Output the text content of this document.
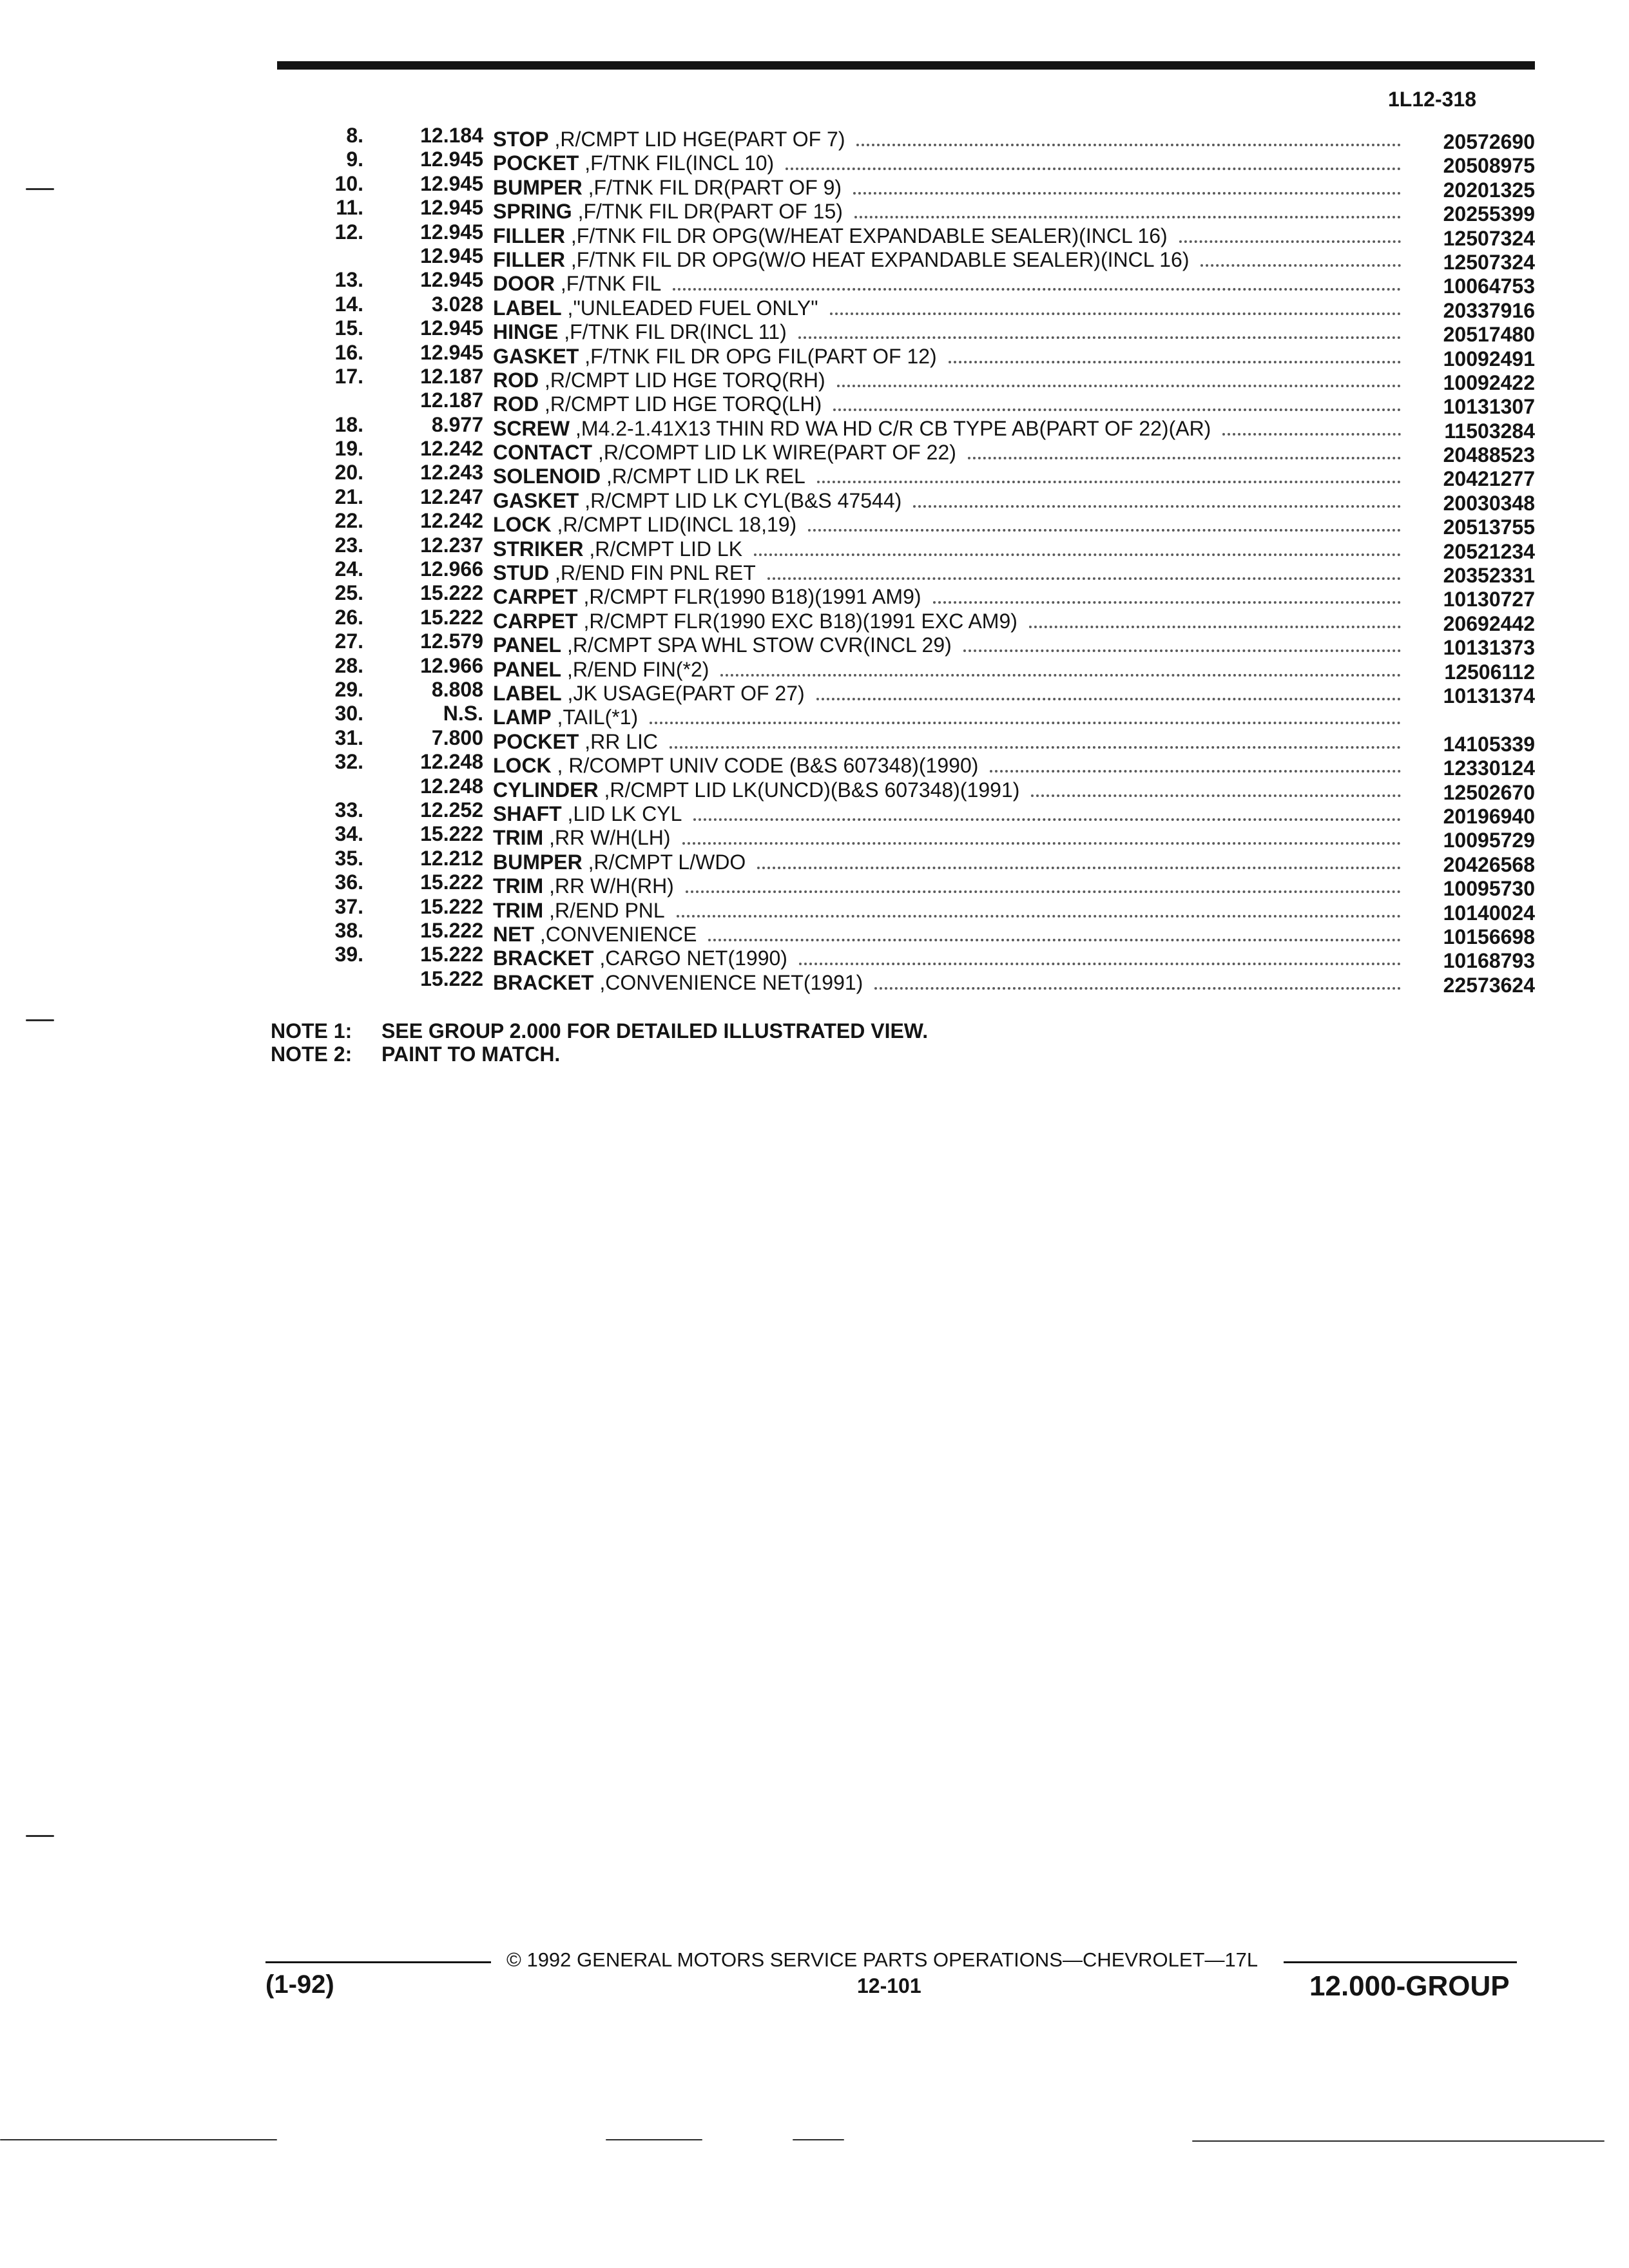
1L12-318
8.	12.184 STOP ,R/CMPT LID HGE(PART OF 7)	20572690
9.	12.945 POCKET ,F/TNK FIL(INCL 10)	20508975
10.	12.945 BUMPER ,F/TNK FIL DR(PART OF 9)	20201325
11.	12.945 SPRING ,F/TNK FIL DR(PART OF 15)	20255399
12.	12.945 FILLER ,F/TNK FIL DR OPG(W/HEAT EXPANDABLE SEALER)(INCL 16)	12507324
12.945 FILLER ,F/TNK FIL DR OPG(W/O HEAT EXPANDABLE SEALER)(INCL 16)	12507324
13.	12.945 DOOR ,F/TNK FIL	10064753
14.	3.028 LABEL ,"UNLEADED FUEL ONLY"	20337916
15.	12.945 HINGE ,F/TNK FIL DR(INCL 11)	20517480
16.	12.945 GASKET ,F/TNK FIL DR OPG FIL(PART OF 12)	10092491
17.	12.187 ROD ,R/CMPT LID HGE TORQ(RH)	10092422
12.187 ROD ,R/CMPT LID HGE TORQ(LH)	10131307
18.	8.977 SCREW ,M4.2-1.41X13 THIN RD WA HD C/R CB TYPE AB(PART OF 22)(AR)	11503284
19.	12.242 CONTACT ,R/COMPT LID LK WIRE(PART OF 22)	20488523
20.	12.243 SOLENOID ,R/CMPT LID LK REL	20421277
21.	12.247 GASKET ,R/CMPT LID LK CYL(B&S 47544)	20030348
22.	12.242 LOCK ,R/CMPT LID(INCL 18,19)	20513755
23.	12.237 STRIKER ,R/CMPT LID LK	20521234
24.	12.966 STUD ,R/END FIN PNL RET	20352331
25.	15.222 CARPET ,R/CMPT FLR(1990 B18)(1991 AM9)	10130727
26.	15.222 CARPET ,R/CMPT FLR(1990 EXC B18)(1991 EXC AM9)	20692442
27.	12.579 PANEL ,R/CMPT SPA WHL STOW CVR(INCL 29)	10131373
28.	12.966 PANEL ,R/END FIN(*2)	12506112
29.	8.808 LABEL ,JK USAGE(PART OF 27)	10131374
30.	N.S. LAMP ,TAIL(*1)
31.	7.800 POCKET ,RR LIC	14105339
32.	12.248 LOCK , R/COMPT UNIV CODE (B&S 607348)(1990)	12330124
12.248 CYLINDER ,R/CMPT LID LK(UNCD)(B&S 607348)(1991)	12502670
33.	12.252 SHAFT ,LID LK CYL	20196940
34.	15.222 TRIM ,RR W/H(LH)	10095729
35.	12.212 BUMPER ,R/CMPT L/WDO	20426568
36.	15.222 TRIM ,RR W/H(RH)	10095730
37.	15.222 TRIM ,R/END PNL	10140024
38.	15.222 NET ,CONVENIENCE	10156698
39.	15.222 BRACKET ,CARGO NET(1990)	10168793
15.222 BRACKET ,CONVENIENCE NET(1991)	22573624
NOTE 1: SEE GROUP 2.000 FOR DETAILED ILLUSTRATED VIEW.
NOTE 2: PAINT TO MATCH.
(1-92)
© 1992 GENERAL MOTORS SERVICE PARTS OPERATIONS—CHEVROLET—17L
12-101	12.000-GROUP
